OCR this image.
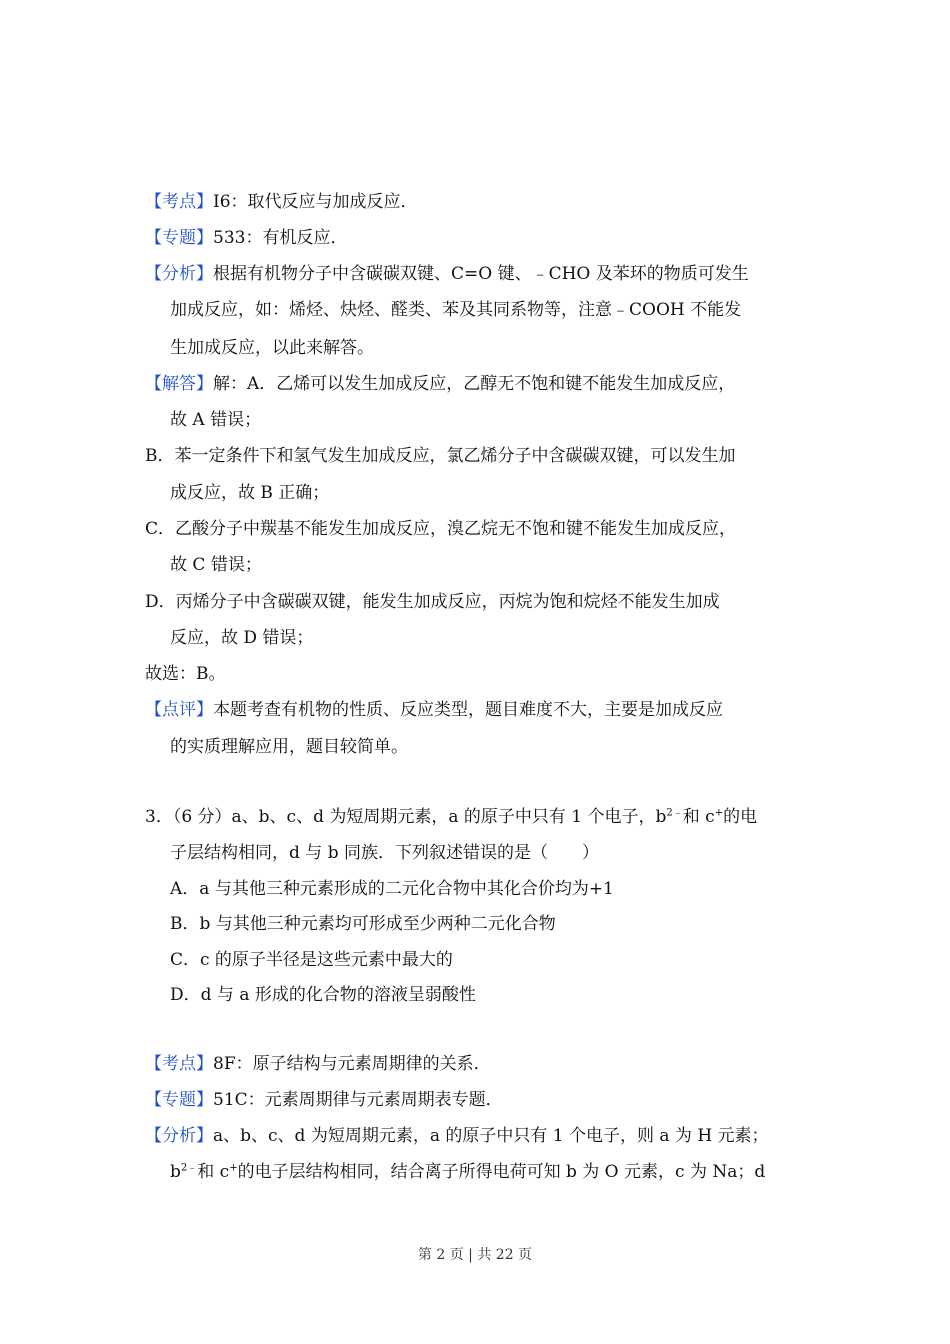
【考点】I6：取代反应与加成反应．
【专题】533：有机反应．
【分析】根据有机物分子中含碳碳双键、C=O 键、﹣CHO 及苯环的物质可发生
加成反应，如：烯烃、炔烃、醛类、苯及其同系物等，注意﹣COOH 不能发
生加成反应，以此来解答。
【解答】解：A．乙烯可以发生加成反应，乙醇无不饱和键不能发生加成反应，
故 A 错误；
B．苯一定条件下和氢气发生加成反应，氯乙烯分子中含碳碳双键，可以发生加
成反应，故 B 正确；
C．乙酸分子中羰基不能发生加成反应，溴乙烷无不饱和键不能发生加成反应，
故 C 错误；
D．丙烯分子中含碳碳双键，能发生加成反应，丙烷为饱和烷烃不能发生加成
反应，故 D 错误；
故选：B。
【点评】本题考查有机物的性质、反应类型，题目难度不大，主要是加成反应
的实质理解应用，题目较简单。
3．（6 分）a、b、c、d 为短周期元素，a 的原子中只有 1 个电子，$b^{2﹣}$和 c+的电
子层结构相同，d 与 b 同族．下列叙述错误的是（　　）
A．a 与其他三种元素形成的二元化合物中其化合价均为+1
B．b 与其他三种元素均可形成至少两种二元化合物
C．c 的原子半径是这些元素中最大的
D．d 与 a 形成的化合物的溶液呈弱酸性
【考点】8F：原子结构与元素周期律的关系．
【专题】51C：元素周期律与元素周期表专题．
【分析】a、b、c、d 为短周期元素，a 的原子中只有 1 个电子，则 a 为 H 元素；
$b^{2﹣}$和 c+的电子层结构相同，结合离子所得电荷可知 b 为 O 元素，c 为 Na；d
第 2 页 | 共 22 页
